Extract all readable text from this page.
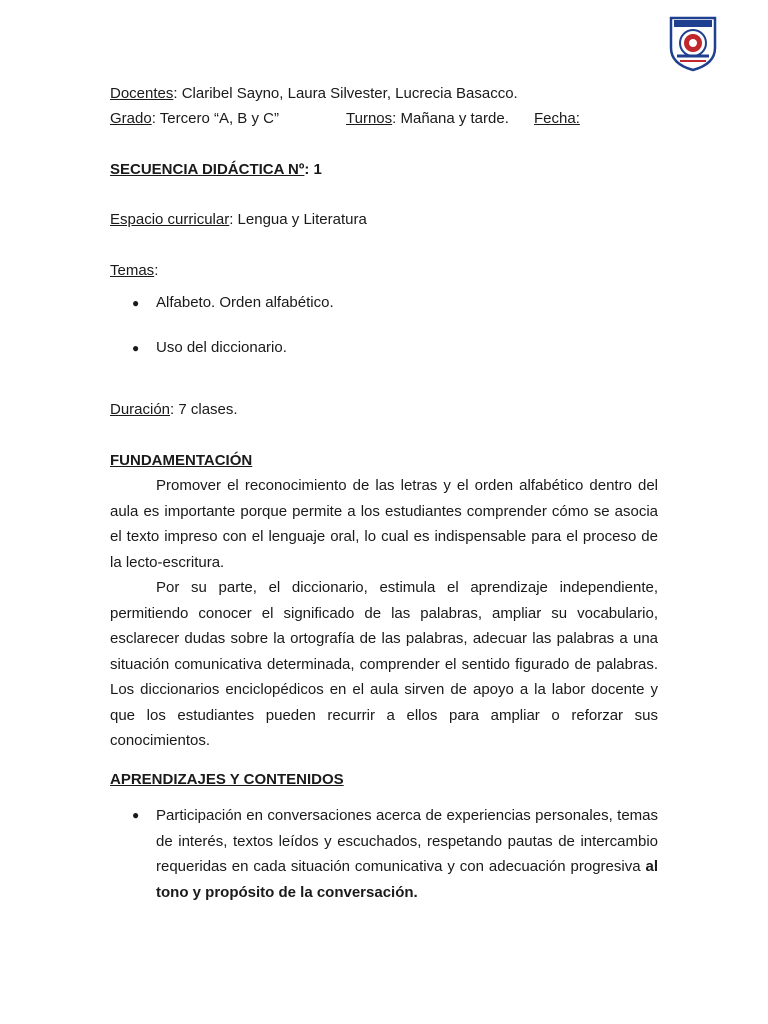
Docentes: Claribel Sayno, Laura Silvester, Lucrecia Basacco.
Grado: Tercero “A, B y C”	Turnos: Mañana y tarde. Fecha:
SECUENCIA DIDÁCTICA Nº: 1
Espacio curricular: Lengua y Literatura
Temas:
● Alfabeto. Orden alfabético.
● Uso del diccionario.
Duración: 7 clases.
FUNDAMENTACIÓN
Promover el reconocimiento de las letras y el orden alfabético dentro del aula es importante porque permite a los estudiantes comprender cómo se asocia el texto impreso con el lenguaje oral, lo cual es indispensable para el proceso de la lecto-escritura.
Por su parte, el diccionario, estimula el aprendizaje independiente, permitiendo conocer el significado de las palabras, ampliar su vocabulario, esclarecer dudas sobre la ortografía de las palabras, adecuar las palabras a una situación comunicativa determinada, comprender el sentido figurado de palabras. Los diccionarios enciclopédicos en el aula sirven de apoyo a la labor docente y que los estudiantes pueden recurrir a ellos para ampliar o reforzar sus conocimientos.
APRENDIZAJES Y CONTENIDOS
● Participación en conversaciones acerca de experiencias personales, temas de interés, textos leídos y escuchados, respetando pautas de intercambio requeridas en cada situación comunicativa y con adecuación progresiva al tono y propósito de la conversación.
